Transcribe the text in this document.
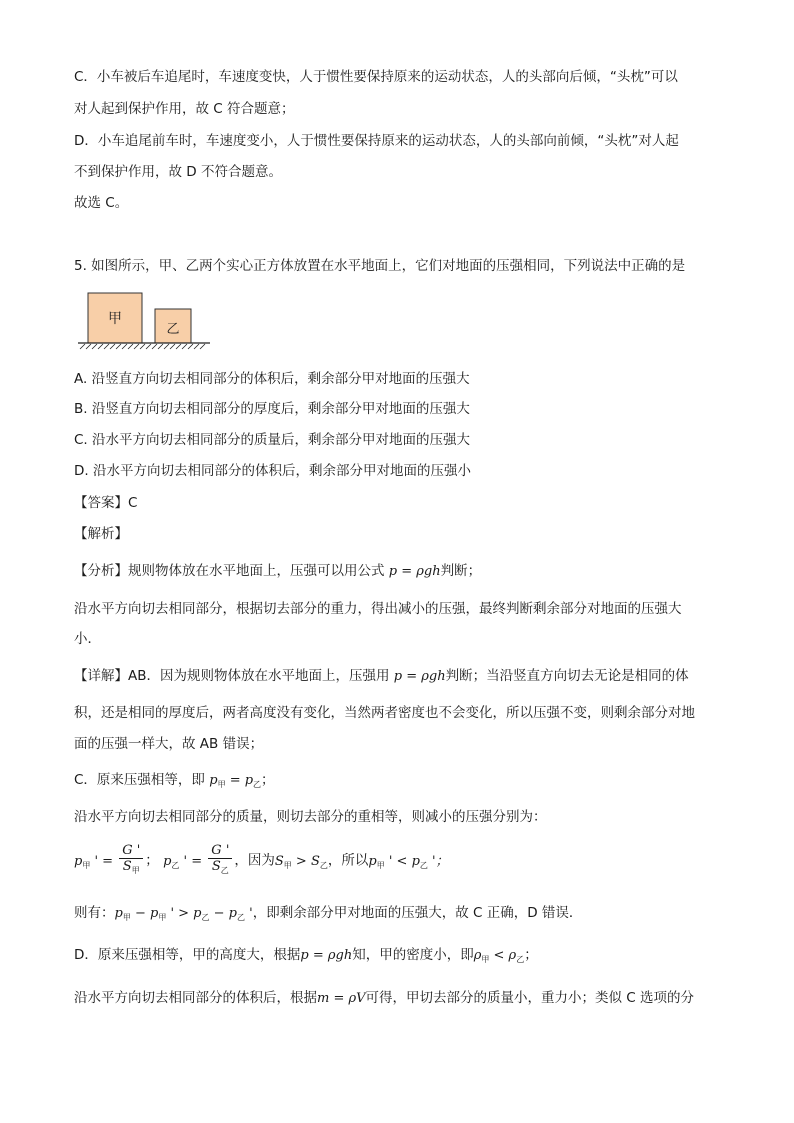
C．小车被后车追尾时，车速度变快，人于惯性要保持原来的运动状态，人的头部向后倾，“头枕”可以
对人起到保护作用，故 C 符合题意；
D．小车追尾前车时，车速度变小，人于惯性要保持原来的运动状态，人的头部向前倾，“头枕”对人起
不到保护作用，故 D 不符合题意。
故选 C。
5. 如图所示，甲、乙两个实心正方体放置在水平地面上，它们对地面的压强相同，下列说法中正确的是
甲
乙
A. 沿竖直方向切去相同部分的体积后，剩余部分甲对地面的压强大
B. 沿竖直方向切去相同部分的厚度后，剩余部分甲对地面的压强大
C. 沿水平方向切去相同部分的质量后，剩余部分甲对地面的压强大
D. 沿水平方向切去相同部分的体积后，剩余部分甲对地面的压强小
【答案】C
【解析】
【分析】规则物体放在水平地面上，压强可以用公式 p = ρgh判断；
沿水平方向切去相同部分，根据切去部分的重力，得出减小的压强，最终判断剩余部分对地面的压强大
小．
【详解】AB．因为规则物体放在水平地面上，压强用 p = ρgh判断；当沿竖直方向切去无论是相同的体
积，还是相同的厚度后，两者高度没有变化，当然两者密度也不会变化，所以压强不变，则剩余部分对地
面的压强一样大，故 AB 错误；
C．原来压强相等，即 $p_甲 = p_乙$；
沿水平方向切去相同部分的质量，则切去部分的重相等，则减小的压强分别为：
$p_甲$ ' = $\frac{G '}{S_甲}$ ； $p_乙$ ' = $\frac{G '}{S_乙}$ ，因为$S_甲 > S_乙$，所以$p_甲$ ' < $p_乙$ '；
则有：$p_甲 - p_甲$ ' > $p_乙 - p_乙$ '，即剩余部分甲对地面的压强大，故 C 正确，D 错误．
D．原来压强相等，甲的高度大，根据p = ρgh知，甲的密度小，即$\rho_甲 < \rho_乙$；
沿水平方向切去相同部分的体积后，根据m = ρV可得，甲切去部分的质量小，重力小；类似 C 选项的分
